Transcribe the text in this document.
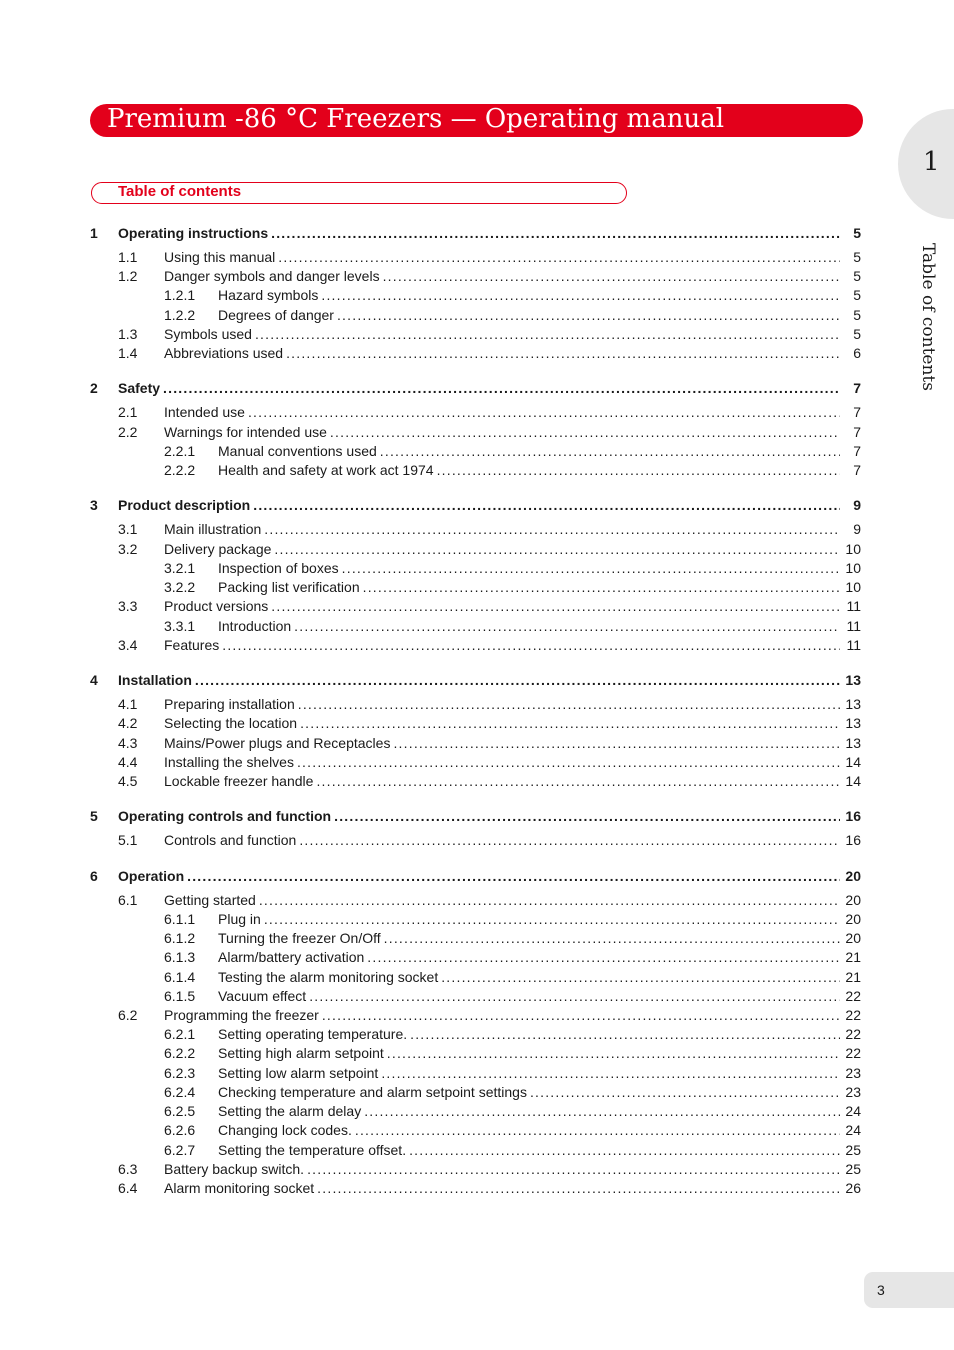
Premium -86 °C Freezers — Operating manual
Table of contents
1
Table of contents
1 Operating instructions .....	5
1.1 Using this manual .....	5
1.2 Danger symbols and danger levels .....	5
1.2.1 Hazard symbols .....	5
1.2.2 Degrees of danger .....	5
1.3 Symbols used .....	5
1.4 Abbreviations used .....	6
2 Safety .....	7
2.1 Intended use .....	7
2.2 Warnings for intended use .....	7
2.2.1 Manual conventions used .....	7
2.2.2 Health and safety at work act 1974 .....	7
3 Product description .....	9
3.1 Main illustration .....	9
3.2 Delivery package .....	10
3.2.1 Inspection of boxes .....	10
3.2.2 Packing list verification .....	10
3.3 Product versions .....	11
3.3.1 Introduction .....	11
3.4 Features .....	11
4 Installation .....	13
4.1 Preparing installation .....	13
4.2 Selecting the location .....	13
4.3 Mains/Power plugs and Receptacles .....	13
4.4 Installing the shelves .....	14
4.5 Lockable freezer handle .....	14
5 Operating controls and function .....	16
5.1 Controls and function .....	16
6 Operation .....	20
6.1 Getting started .....	20
6.1.1 Plug in .....	20
6.1.2 Turning the freezer On/Off .....	20
6.1.3 Alarm/battery activation .....	21
6.1.4 Testing the alarm monitoring socket .....	21
6.1.5 Vacuum effect .....	22
6.2 Programming the freezer .....	22
6.2.1 Setting operating temperature. .....	22
6.2.2 Setting high alarm setpoint .....	22
6.2.3 Setting low alarm setpoint .....	23
6.2.4 Checking temperature and alarm setpoint settings .....	23
6.2.5 Setting the alarm delay .....	24
6.2.6 Changing lock codes. .....	24
6.2.7 Setting the temperature offset. .....	25
6.3 Battery backup switch. .....	25
6.4 Alarm monitoring socket .....	26
3
